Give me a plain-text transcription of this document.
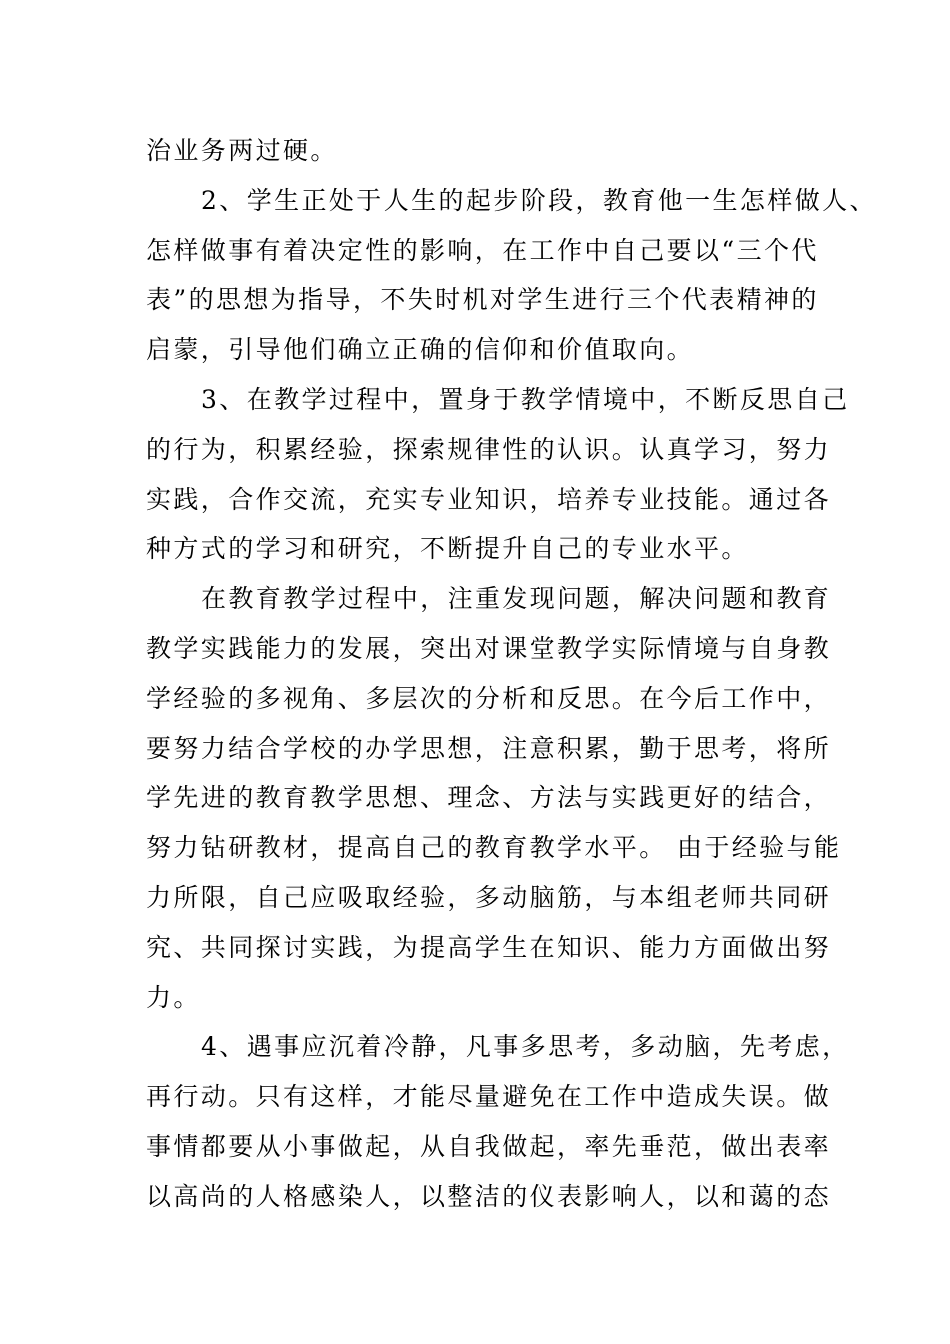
治业务两过硬。
2、学生正处于人生的起步阶段，教育他一生怎样做人、
怎样做事有着决定性的影响，在工作中自己要以“三个代
表”的思想为指导，不失时机对学生进行三个代表精神的
启蒙，引导他们确立正确的信仰和价值取向。
3、在教学过程中，置身于教学情境中，不断反思自己
的行为，积累经验，探索规律性的认识。认真学习，努力
实践，合作交流，充实专业知识，培养专业技能。通过各
种方式的学习和研究，不断提升自己的专业水平。
在教育教学过程中，注重发现问题，解决问题和教育
教学实践能力的发展，突出对课堂教学实际情境与自身教
学经验的多视角、多层次的分析和反思。在今后工作中，
要努力结合学校的办学思想，注意积累，勤于思考，将所
学先进的教育教学思想、理念、方法与实践更好的结合，
努力钻研教材，提高自己的教育教学水平。 由于经验与能
力所限，自己应吸取经验，多动脑筋，与本组老师共同研
究、共同探讨实践，为提高学生在知识、能力方面做出努
力。
4、遇事应沉着冷静，凡事多思考，多动脑，先考虑，
再行动。只有这样，才能尽量避免在工作中造成失误。做
事情都要从小事做起，从自我做起，率先垂范，做出表率
以高尚的人格感染人，以整洁的仪表影响人，以和蔼的态
